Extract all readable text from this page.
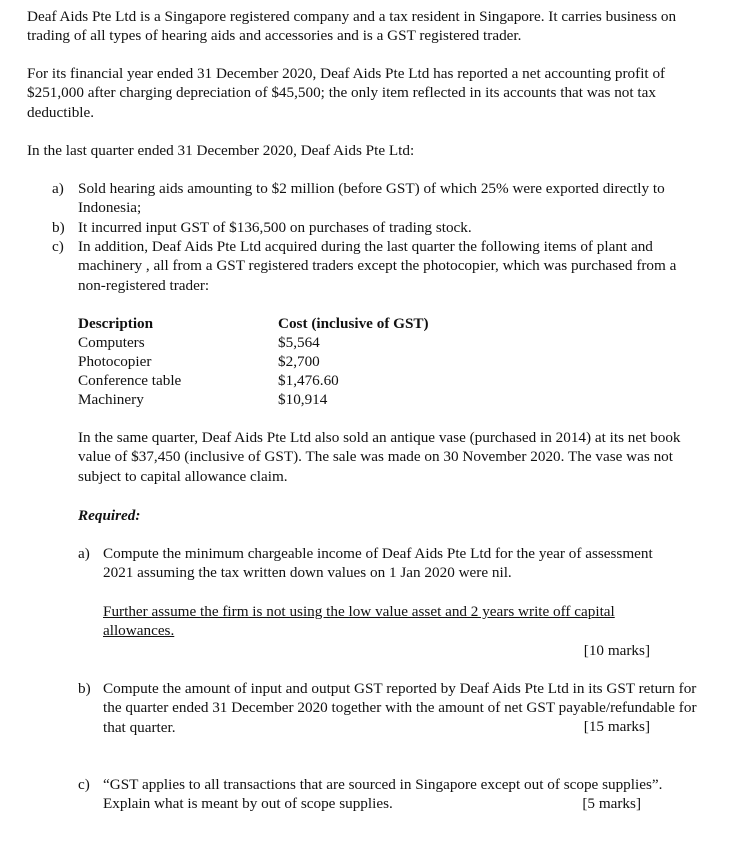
Deaf Aids Pte Ltd is a Singapore registered company and a tax resident in Singapore. It carries business on trading of all types of hearing aids and accessories and is a GST registered trader.
For its financial year ended 31 December 2020, Deaf Aids Pte Ltd has reported a net accounting profit of $251,000 after charging depreciation of $45,500; the only item reflected in its accounts that was not tax deductible.
In the last quarter ended 31 December 2020, Deaf Aids Pte Ltd:
a) Sold hearing aids amounting to $2 million (before GST) of which 25% were exported directly to Indonesia;
b) It incurred input GST of $136,500 on purchases of trading stock.
c) In addition, Deaf Aids Pte Ltd acquired during the last quarter the following items of plant and machinery , all from a GST registered traders except the photocopier, which was purchased from a non-registered trader:
Description	Cost (inclusive of GST)
Computers	$5,564
Photocopier	$2,700
Conference table	$1,476.60
Machinery	$10,914
In the same quarter, Deaf Aids Pte Ltd also sold an antique vase (purchased in 2014) at its net book value of $37,450 (inclusive of GST). The sale was made on 30 November 2020. The vase was not subject to capital allowance claim.
Required:
a) Compute the minimum chargeable income of Deaf Aids Pte Ltd for the year of assessment 2021 assuming the tax written down values on 1 Jan 2020 were nil.
Further assume the firm is not using the low value asset and 2 years write off capital allowances.
[10 marks]
b) Compute the amount of input and output GST reported by Deaf Aids Pte Ltd in its GST return for the quarter ended 31 December 2020 together with the amount of net GST payable/refundable for that quarter.	[15 marks]
c) “GST applies to all transactions that are sourced in Singapore except out of scope supplies”. Explain what is meant by out of scope supplies.	[5 marks]
